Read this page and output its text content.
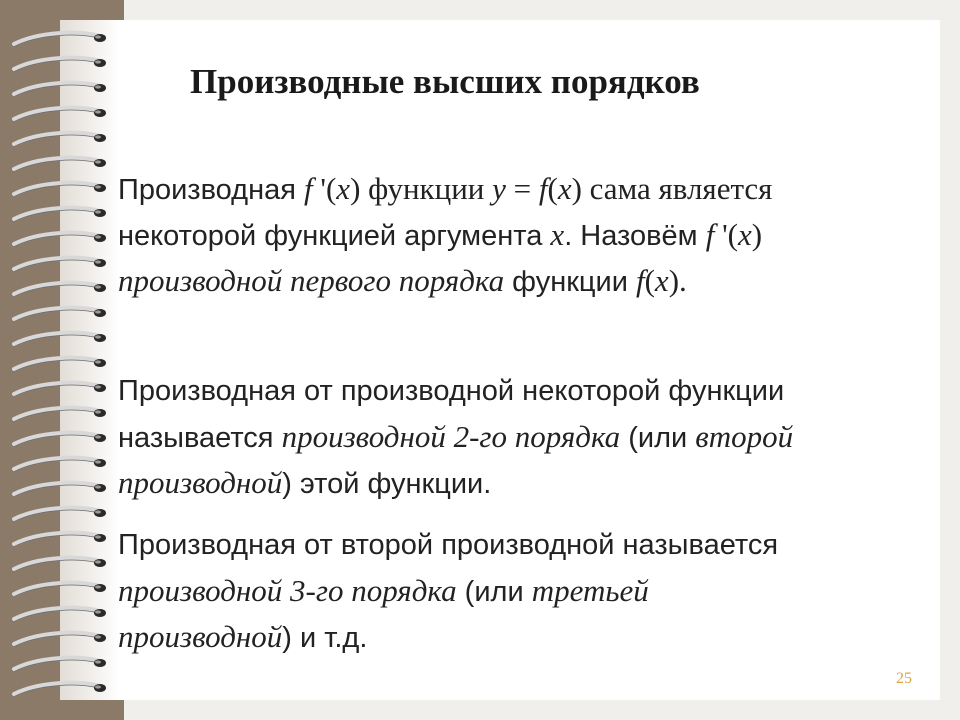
Производные высших порядков
Производная f '(x) функции y = f(x) сама является
некоторой функцией аргумента x. Назовём f '(x)
производной первого порядка функции f(x).
Производная от производной некоторой функции
называется производной 2-го порядка (или второй
производной) этой функции.
Производная от второй производной называется
производной 3-го порядка (или третьей
производной) и т.д.
25
